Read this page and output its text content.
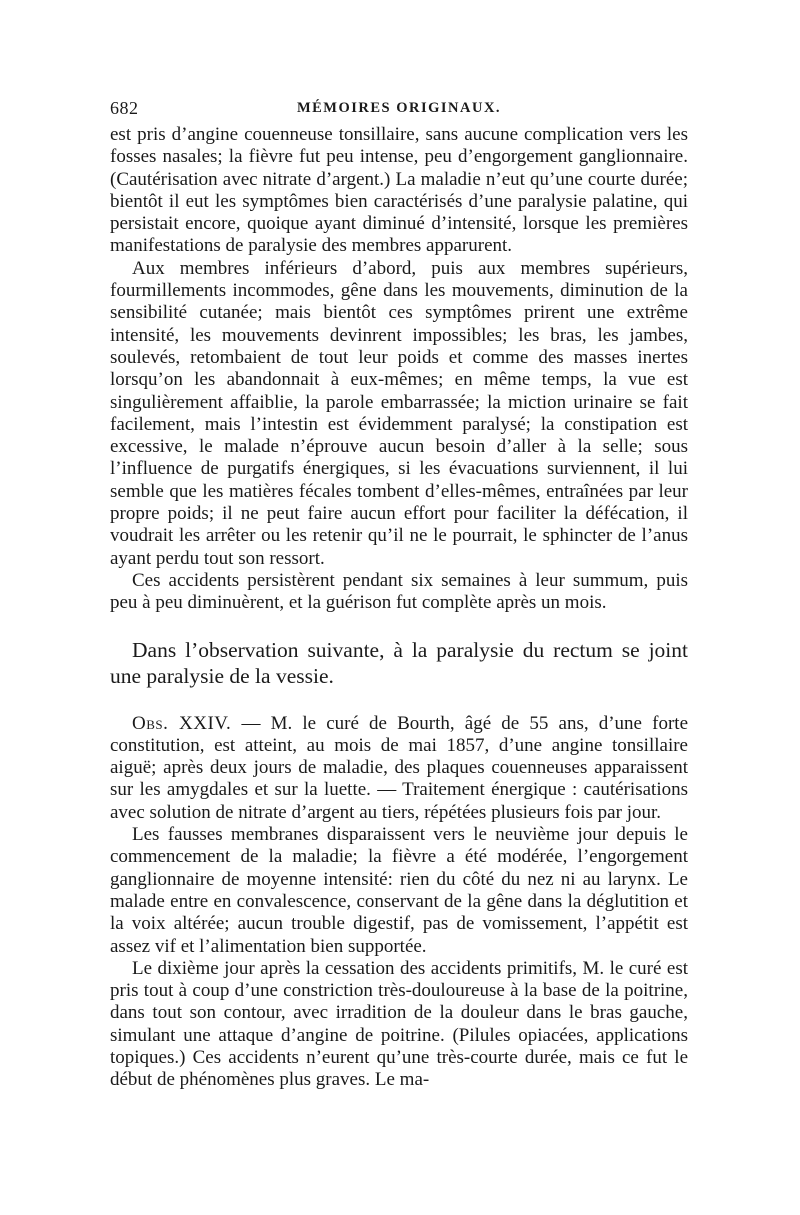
682	MÉMOIRES ORIGINAUX.

est pris d’angine couenneuse tonsillaire, sans aucune complication vers les fosses nasales; la fièvre fut peu intense, peu d’engorgement ganglionnaire. (Cautérisation avec nitrate d’argent.) La maladie n’eut qu’une courte durée; bientôt il eut les symptômes bien caractérisés d’une paralysie palatine, qui persistait encore, quoique ayant diminué d’intensité, lorsque les premières manifestations de paralysie des membres apparurent.

Aux membres inférieurs d’abord, puis aux membres supérieurs, fourmillements incommodes, gêne dans les mouvements, diminution de la sensibilité cutanée; mais bientôt ces symptômes prirent une extrême intensité, les mouvements devinrent impossibles; les bras, les jambes, soulevés, retombaient de tout leur poids et comme des masses inertes lorsqu’on les abandonnait à eux-mêmes; en même temps, la vue est singulièrement affaiblie, la parole embarrassée; la miction urinaire se fait facilement, mais l’intestin est évidemment paralysé; la constipation est excessive, le malade n’éprouve aucun besoin d’aller à la selle; sous l’influence de purgatifs énergiques, si les évacuations surviennent, il lui semble que les matières fécales tombent d’elles-mêmes, entraînées par leur propre poids; il ne peut faire aucun effort pour faciliter la défécation, il voudrait les arrêter ou les retenir qu’il ne le pourrait, le sphincter de l’anus ayant perdu tout son ressort.

Ces accidents persistèrent pendant six semaines à leur summum, puis peu à peu diminuèrent, et la guérison fut complète après un mois.

Dans l’observation suivante, à la paralysie du rectum se joint une paralysie de la vessie.

Obs. XXIV. — M. le curé de Bourth, âgé de 55 ans, d’une forte constitution, est atteint, au mois de mai 1857, d’une angine tonsillaire aiguë; après deux jours de maladie, des plaques couenneuses apparaissent sur les amygdales et sur la luette. — Traitement énergique : cautérisations avec solution de nitrate d’argent au tiers, répétées plusieurs fois par jour.

Les fausses membranes disparaissent vers le neuvième jour depuis le commencement de la maladie; la fièvre a été modérée, l’engorgement ganglionnaire de moyenne intensité: rien du côté du nez ni au larynx. Le malade entre en convalescence, conservant de la gêne dans la déglutition et la voix altérée; aucun trouble digestif, pas de vomissement, l’appétit est assez vif et l’alimentation bien supportée.

Le dixième jour après la cessation des accidents primitifs, M. le curé est pris tout à coup d’une constriction très-douloureuse à la base de la poitrine, dans tout son contour, avec irradition de la douleur dans le bras gauche, simulant une attaque d’angine de poitrine. (Pilules opiacées, applications topiques.) Ces accidents n’eurent qu’une très-courte durée, mais ce fut le début de phénomènes plus graves. Le ma-
